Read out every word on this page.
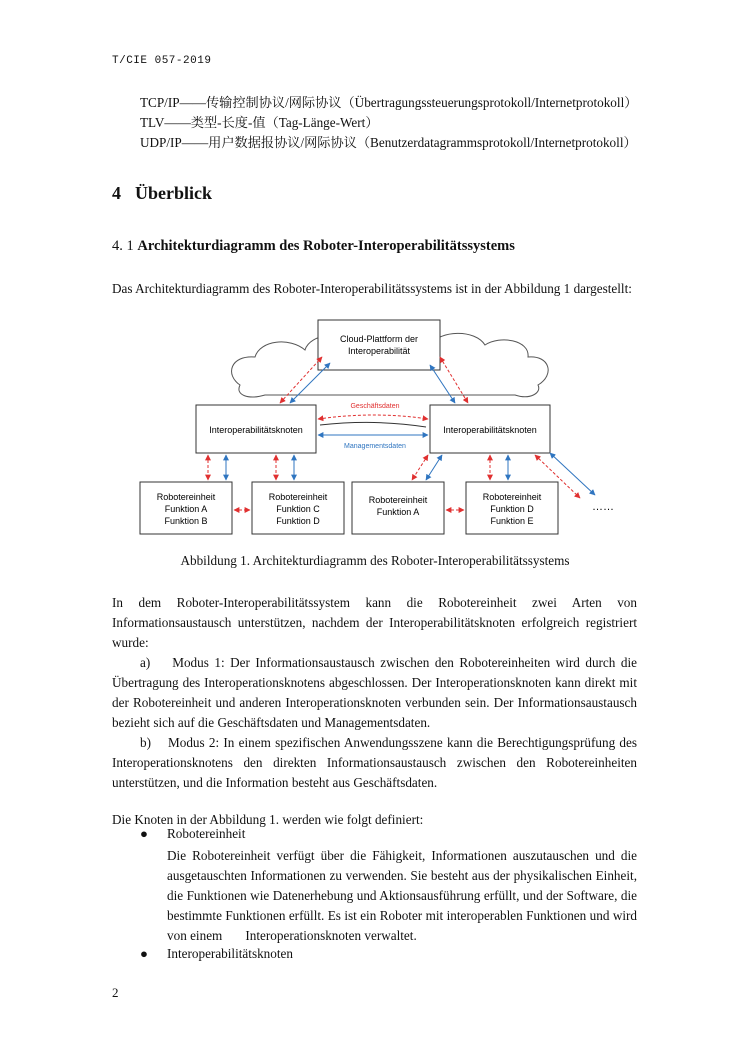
T/CIE 057-2019
TCP/IP——传输控制协议/网际协议（Übertragungssteuerungsprotokoll/Internetprotokoll）
TLV——类型-长度-值（Tag-Länge-Wert）
UDP/IP——用户数据报协议/网际协议（Benutzerdatagrammsprotokoll/Internetprotokoll）
4 Überblick
4. 1 Architekturdiagramm des Roboter-Interoperabilitätssystems
Das Architekturdiagramm des Roboter-Interoperabilitätssystems ist in der Abbildung 1 dargestellt:
Cloud-Plattform der
Interoperabilität
Interoperabilitätsknoten	Interoperabilitätsknoten
Geschäftsdaten
Managementsdaten
Robotereinheit
Funktion A
Funktion B
Robotereinheit
Funktion C
Funktion D
Robotereinheit
Funktion A
Robotereinheit
Funktion D
Funktion E
……
Abbildung 1. Architekturdiagramm des Roboter-Interoperabilitätssystems
In dem Roboter-Interoperabilitätssystem kann die Robotereinheit zwei Arten von
Informationsaustausch unterstützen, nachdem der Interoperabilitätsknoten erfolgreich registriert
wurde:
a)    Modus 1: Der Informationsaustausch zwischen den Robotereinheiten wird durch die Übertragung des Interoperationsknotens abgeschlossen. Der Interoperationsknoten kann direkt mit der Robotereinheit und anderen Interoperationsknoten verbunden sein. Der Informationsaustausch bezieht sich auf die Geschäftsdaten und Managementsdaten.
b)    Modus 2: In einem spezifischen Anwendungsszene kann die Berechtigungsprüfung des Interoperationsknotens den direkten Informationsaustausch zwischen den Robotereinheiten unterstützen, und die Information besteht aus Geschäftsdaten.
Die Knoten in der Abbildung 1. werden wie folgt definiert:
● Robotereinheit
Die Robotereinheit verfügt über die Fähigkeit, Informationen auszutauschen und die ausgetauschten Informationen zu verwenden. Sie besteht aus der physikalischen Einheit, die Funktionen wie Datenerhebung und Aktionsausführung erfüllt, und der Software, die bestimmte Funktionen erfüllt. Es ist ein Roboter mit interoperablen Funktionen und wird von einem       Interoperationsknoten verwaltet.
● Interoperabilitätsknoten
2
